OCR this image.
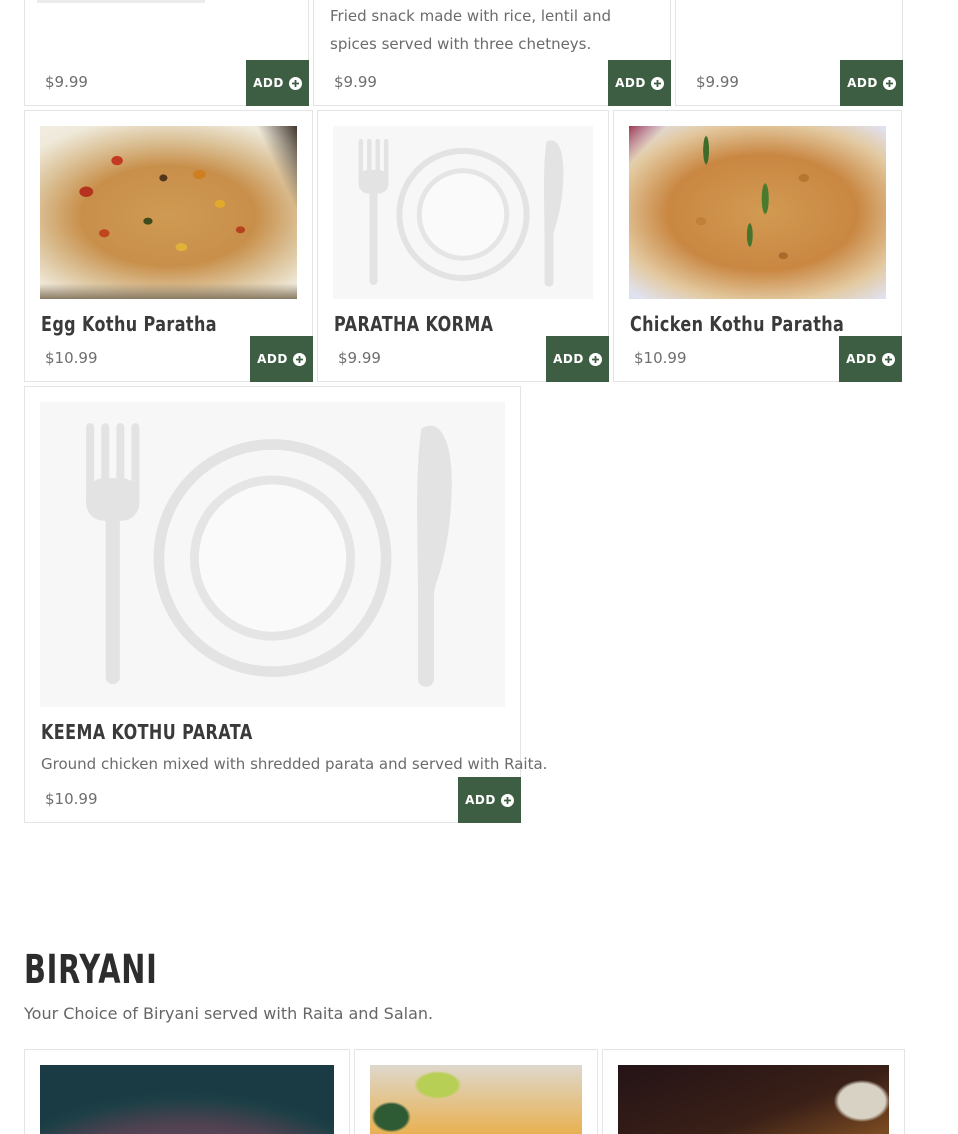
$9.99	ADD

Fried snack made with rice, lentil and spices served with three chetneys.

$9.99	ADD	$9.99	ADD
Egg Kothu Paratha
$10.99	ADD
PARATHA KORMA
$9.99	ADD
Chicken Kothu Paratha
$10.99	ADD
KEEMA KOTHU PARATA

Ground chicken mixed with shredded parata and served with Raita.

$10.99	ADD
BIRYANI

Your Choice of Biryani served with Raita and Salan.
